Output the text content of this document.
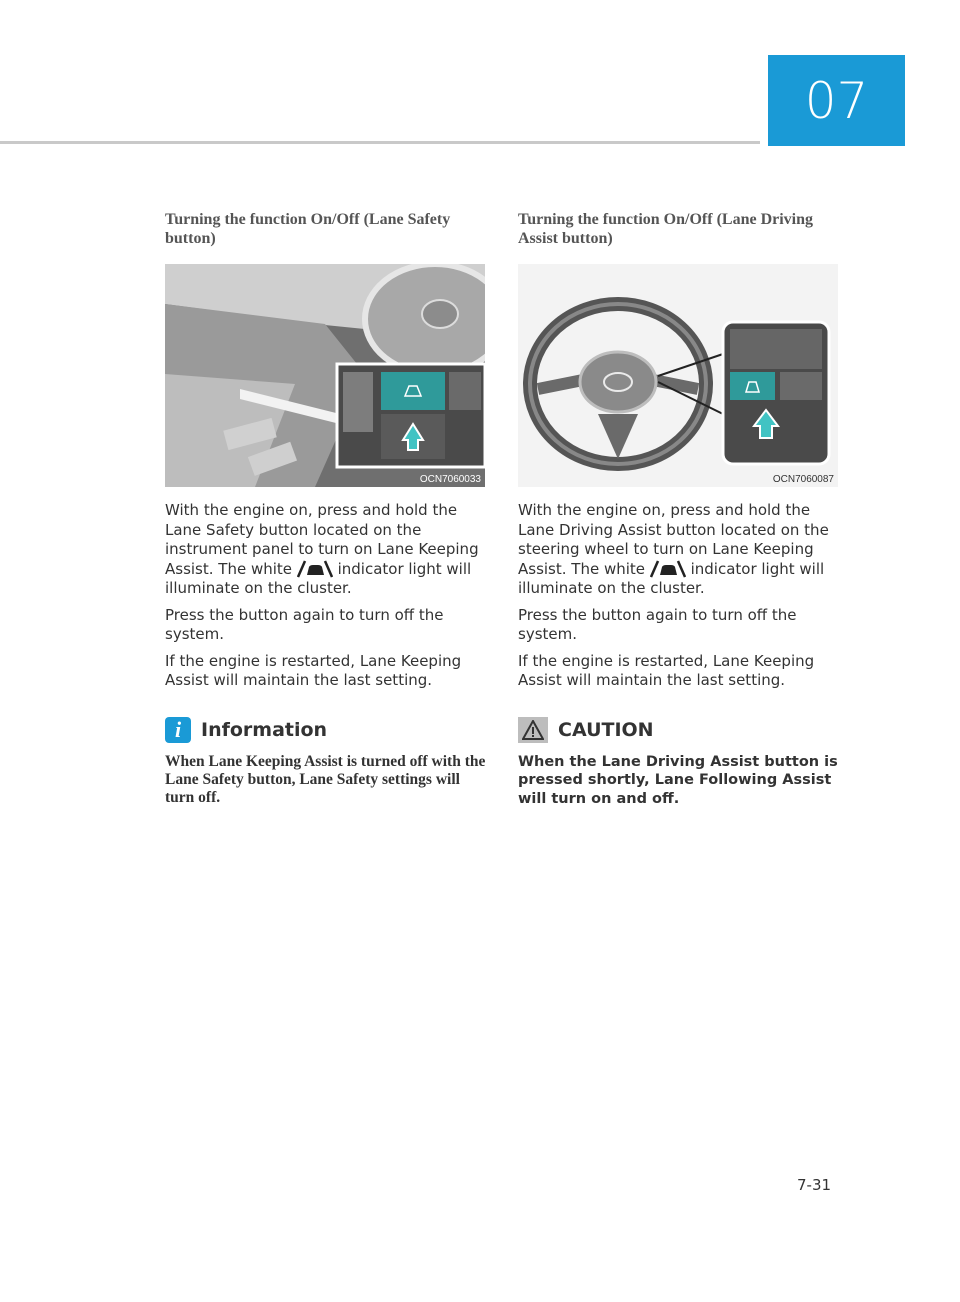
07
Turning the function On/Off (Lane Safety button)
OCN7060033

With the engine on, press and hold the Lane Safety button located on the instrument panel to turn on Lane Keeping Assist. The white	indicator light will illuminate on the cluster.

Press the button again to turn off the system.

If the engine is restarted, Lane Keeping Assist will maintain the last setting.

i	Information

When Lane Keeping Assist is turned off with the Lane Safety button, Lane Safety settings will turn off.

Turning the function On/Off (Lane Driving Assist button)
OCN7060087

With the engine on, press and hold the Lane Driving Assist button located on the steering wheel to turn on Lane Keeping Assist. The white	indicator light will illuminate on the cluster.

Press the button again to turn off the system.

If the engine is restarted, Lane Keeping Assist will maintain the last setting.

CAUTION

When the Lane Driving Assist button is pressed shortly, Lane Following Assist will turn on and off.

7-31
